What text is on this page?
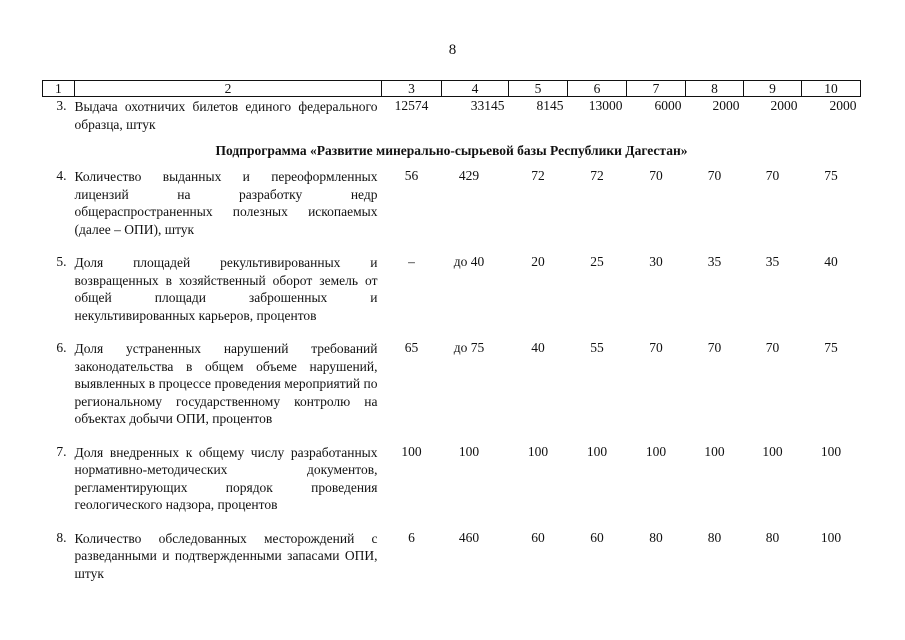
8
1	2	3	4	5	6	7	8	9	10
3.	Выдача охотничих билетов единого федерального образца, штук	12574	33145	8145	13000	6000	2000	2000	2000
Подпрограмма «Развитие минерально-сырьевой базы Республики Дагестан»									
4.	Количество выданных и переоформленных лицензий на разработку недр общераспространенных полезных ископаемых (далее – ОПИ), штук	56	429	72	72	70	70	70	75
5.	Доля площадей рекультивированных и возвращенных в хозяйственный оборот земель от общей площади заброшенных и некультивированных карьеров, процентов	–	до 40	20	25	30	35	35	40
6.	Доля устраненных нарушений требований законодательства в общем объеме нарушений, выявленных в процессе проведения мероприятий по региональному государственному контролю на объектах добычи ОПИ, процентов	65	до 75	40	55	70	70	70	75
7.	Доля внедренных к общему числу разработанных нормативно-методических документов, регламентирующих порядок проведения геологического надзора, процентов	100	100	100	100	100	100	100	100
8.	Количество обследованных месторождений с разведанными и подтвержденными запасами ОПИ, штук	6	460	60	60	80	80	80	100
